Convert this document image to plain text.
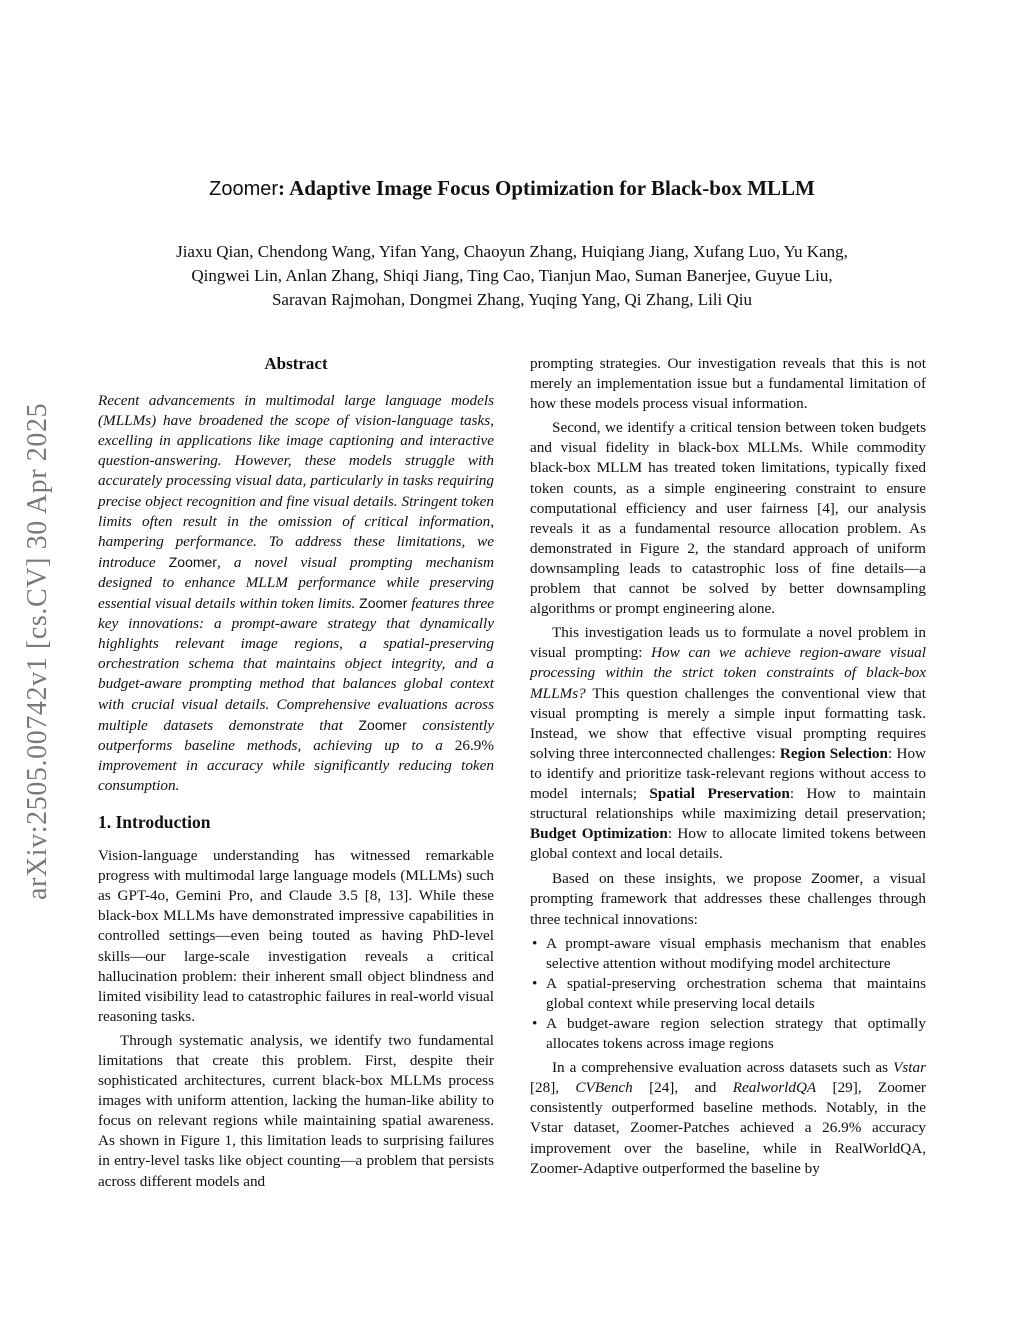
arXiv:2505.00742v1 [cs.CV] 30 Apr 2025
Zoomer: Adaptive Image Focus Optimization for Black-box MLLM
Jiaxu Qian, Chendong Wang, Yifan Yang, Chaoyun Zhang, Huiqiang Jiang, Xufang Luo, Yu Kang,
Qingwei Lin, Anlan Zhang, Shiqi Jiang, Ting Cao, Tianjun Mao, Suman Banerjee, Guyue Liu,
Saravan Rajmohan, Dongmei Zhang, Yuqing Yang, Qi Zhang, Lili Qiu
Abstract

Recent advancements in multimodal large language models (MLLMs) have broadened the scope of vision-language tasks, excelling in applications like image captioning and interactive question-answering. However, these models struggle with accurately processing visual data, particularly in tasks requiring precise object recognition and fine visual details. Stringent token limits often result in the omission of critical information, hampering performance. To address these limitations, we introduce Zoomer, a novel visual prompting mechanism designed to enhance MLLM performance while preserving essential visual details within token limits. Zoomer features three key innovations: a prompt-aware strategy that dynamically highlights relevant image regions, a spatial-preserving orchestration schema that maintains object integrity, and a budget-aware prompting method that balances global context with crucial visual details. Comprehensive evaluations across multiple datasets demonstrate that Zoomer consistently outperforms baseline methods, achieving up to a 26.9% improvement in accuracy while significantly reducing token consumption.

1. Introduction

Vision-language understanding has witnessed remarkable progress with multimodal large language models (MLLMs) such as GPT-4o, Gemini Pro, and Claude 3.5 [8, 13]. While these black-box MLLMs have demonstrated impressive capabilities in controlled settings—even being touted as having PhD-level skills—our large-scale investigation reveals a critical hallucination problem: their inherent small object blindness and limited visibility lead to catastrophic failures in real-world visual reasoning tasks.

Through systematic analysis, we identify two fundamental limitations that create this problem. First, despite their sophisticated architectures, current black-box MLLMs process images with uniform attention, lacking the human-like ability to focus on relevant regions while maintaining spatial awareness. As shown in Figure 1, this limitation leads to surprising failures in entry-level tasks like object counting—a problem that persists across different models and

prompting strategies. Our investigation reveals that this is not merely an implementation issue but a fundamental limitation of how these models process visual information.

Second, we identify a critical tension between token budgets and visual fidelity in black-box MLLMs. While commodity black-box MLLM has treated token limitations, typically fixed token counts, as a simple engineering constraint to ensure computational efficiency and user fairness [4], our analysis reveals it as a fundamental resource allocation problem. As demonstrated in Figure 2, the standard approach of uniform downsampling leads to catastrophic loss of fine details—a problem that cannot be solved by better downsampling algorithms or prompt engineering alone.

This investigation leads us to formulate a novel problem in visual prompting: How can we achieve region-aware visual processing within the strict token constraints of black-box MLLMs? This question challenges the conventional view that visual prompting is merely a simple input formatting task. Instead, we show that effective visual prompting requires solving three interconnected challenges: Region Selection: How to identify and prioritize task-relevant regions without access to model internals; Spatial Preservation: How to maintain structural relationships while maximizing detail preservation; Budget Optimization: How to allocate limited tokens between global context and local details.

Based on these insights, we propose Zoomer, a visual prompting framework that addresses these challenges through three technical innovations:

• A prompt-aware visual emphasis mechanism that enables selective attention without modifying model architecture
• A spatial-preserving orchestration schema that maintains global context while preserving local details
• A budget-aware region selection strategy that optimally allocates tokens across image regions

In a comprehensive evaluation across datasets such as Vstar [28], CVBench [24], and RealworldQA [29], Zoomer consistently outperformed baseline methods. Notably, in the Vstar dataset, Zoomer-Patches achieved a 26.9% accuracy improvement over the baseline, while in RealWorldQA, Zoomer-Adaptive outperformed the baseline by
